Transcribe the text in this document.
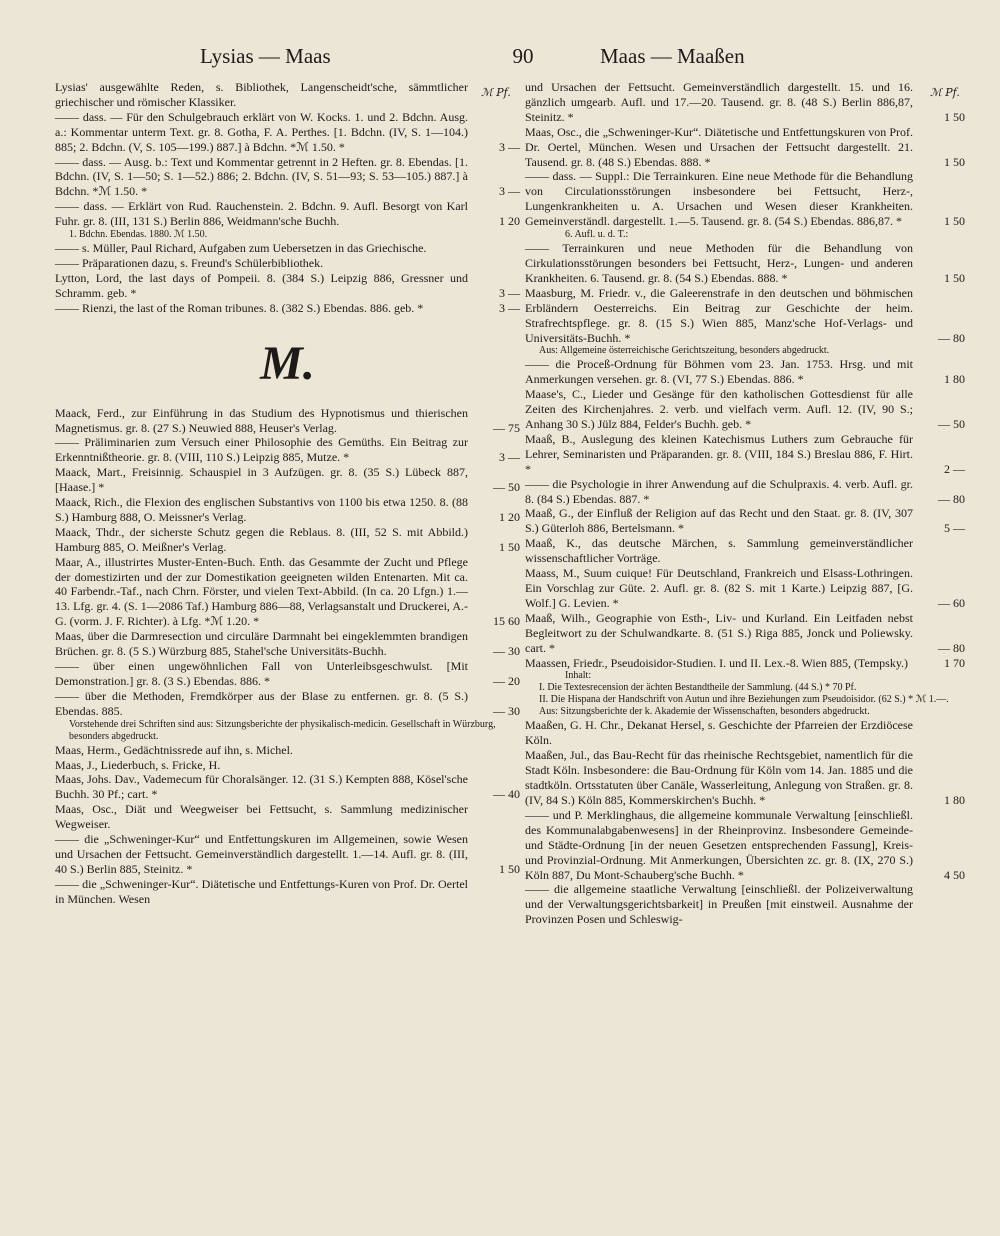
Lysias — Maas	90	Maas — Maaßen
ℳ Pf.	ℳ Pf.
Lysias' ausgewählte Reden, s. Bibliothek, Langenscheidt'sche, sämmtlicher griechischer und römischer Klassiker.
—— dass. — Für den Schulgebrauch erklärt von W. Kocks. 1. und 2. Bdchn. Ausg. a.: Kommentar unterm Text. gr. 8. Gotha, F. A. Perthes. [1. Bdchn. (IV, S. 1—104.) 885; 2. Bdchn. (V, S. 105—199.) 887.] à Bdchn. *ℳ 1.50. *	3 —
—— dass. — Ausg. b.: Text und Kommentar getrennt in 2 Heften. gr. 8. Ebendas. [1. Bdchn. (IV, S. 1—50; S. 1—52.) 886; 2. Bdchn. (IV, S. 51—93; S. 53—105.) 887.] à Bdchn. *ℳ 1.50. *	3 —
—— dass. — Erklärt von Rud. Rauchenstein. 2. Bdchn. 9. Aufl. Besorgt von Karl Fuhr. gr. 8. (III, 131 S.) Berlin 886, Weidmann'sche Buchh.	1 20
1. Bdchn. Ebendas. 1880. ℳ 1.50.
—— s. Müller, Paul Richard, Aufgaben zum Uebersetzen in das Griechische.
—— Präparationen dazu, s. Freund's Schülerbibliothek.
Lytton, Lord, the last days of Pompeii. 8. (384 S.) Leipzig 886, Gressner und Schramm. geb. *	3 —
—— Rienzi, the last of the Roman tribunes. 8. (382 S.) Ebendas. 886. geb. *	3 —
M.
Maack, Ferd., zur Einführung in das Studium des Hypnotismus und thierischen Magnetismus. gr. 8. (27 S.) Neuwied 888, Heuser's Verlag.	— 75
—— Präliminarien zum Versuch einer Philosophie des Gemüths. Ein Beitrag zur Erkenntnißtheorie. gr. 8. (VIII, 110 S.) Leipzig 885, Mutze. *	3 —
Maack, Mart., Freisinnig. Schauspiel in 3 Aufzügen. gr. 8. (35 S.) Lübeck 887, [Haase.] *	— 50
Maack, Rich., die Flexion des englischen Substantivs von 1100 bis etwa 1250. 8. (88 S.) Hamburg 888, O. Meissner's Verlag.	1 20
Maack, Thdr., der sicherste Schutz gegen die Reblaus. 8. (III, 52 S. mit Abbild.) Hamburg 885, O. Meißner's Verlag.	1 50
Maar, A., illustrirtes Muster-Enten-Buch. Enth. das Gesammte der Zucht und Pflege der domestizirten und der zur Domestikation geeigneten wilden Entenarten. Mit ca. 40 Farbendr.-Taf., nach Chrn. Förster, und vielen Text-Abbild. (In ca. 20 Lfgn.) 1.—13. Lfg. gr. 4. (S. 1—2086 Taf.) Hamburg 886—88, Verlagsanstalt und Druckerei, A.-G. (vorm. J. F. Richter). à Lfg. *ℳ 1.20. *	15 60
Maas, über die Darmresection und circuläre Darmnaht bei eingeklemmten brandigen Brüchen. gr. 8. (5 S.) Würzburg 885, Stahel'sche Universitäts-Buchh.	— 30
—— über einen ungewöhnlichen Fall von Unterleibsgeschwulst. [Mit Demonstration.] gr. 8. (3 S.) Ebendas. 886. *	— 20
—— über die Methoden, Fremdkörper aus der Blase zu entfernen. gr. 8. (5 S.) Ebendas. 885.	— 30
Vorstehende drei Schriften sind aus: Sitzungsberichte der physikalisch-medicin. Gesellschaft in Würzburg, besonders abgedruckt.
Maas, Herm., Gedächtnissrede auf ihn, s. Michel.
Maas, J., Liederbuch, s. Fricke, H.
Maas, Johs. Dav., Vademecum für Choralsänger. 12. (31 S.) Kempten 888, Kösel'sche Buchh. 30 Pf.; cart. *	— 40
Maas, Osc., Diät und Weegweiser bei Fettsucht, s. Sammlung medizinischer Wegweiser.
—— die „Schweninger-Kur“ und Entfettungskuren im Allgemeinen, sowie Wesen und Ursachen der Fettsucht. Gemeinverständlich dargestellt. 1.—14. Aufl. gr. 8. (III, 40 S.) Berlin 885, Steinitz. *	1 50
—— die „Schweninger-Kur“. Diätetische und Entfettungs-Kuren von Prof. Dr. Oertel in München. Wesen
und Ursachen der Fettsucht. Gemeinverständlich dargestellt. 15. und 16. gänzlich umgearb. Aufl. und 17.—20. Tausend. gr. 8. (48 S.) Berlin 886,87, Steinitz. *	1 50
Maas, Osc., die „Schweninger-Kur“. Diätetische und Entfettungskuren von Prof. Dr. Oertel, München. Wesen und Ursachen der Fettsucht dargestellt. 21. Tausend. gr. 8. (48 S.) Ebendas. 888. *	1 50
—— dass. — Suppl.: Die Terrainkuren. Eine neue Methode für die Behandlung von Circulationsstörungen insbesondere bei Fettsucht, Herz-, Lungenkrankheiten u. A. Ursachen und Wesen dieser Krankheiten. Gemeinverständl. dargestellt. 1.—5. Tausend. gr. 8. (54 S.) Ebendas. 886,87. *	1 50
6. Aufl. u. d. T.:
—— Terrainkuren und neue Methoden für die Behandlung von Cirkulationsstörungen besonders bei Fettsucht, Herz-, Lungen- und anderen Krankheiten. 6. Tausend. gr. 8. (54 S.) Ebendas. 888. *	1 50
Maasburg, M. Friedr. v., die Galeerenstrafe in den deutschen und böhmischen Erbländern Oesterreichs. Ein Beitrag zur Geschichte der heim. Strafrechtspflege. gr. 8. (15 S.) Wien 885, Manz'sche Hof-Verlags- und Universitäts-Buchh. *	— 80
Aus: Allgemeine österreichische Gerichtszeitung, besonders abgedruckt.
—— die Proceß-Ordnung für Böhmen vom 23. Jan. 1753. Hrsg. und mit Anmerkungen versehen. gr. 8. (VI, 77 S.) Ebendas. 886. *	1 80
Maase's, C., Lieder und Gesänge für den katholischen Gottesdienst für alle Zeiten des Kirchenjahres. 2. verb. und vielfach verm. Aufl. 12. (IV, 90 S.; Anhang 30 S.) Jülz 884, Felder's Buchh. geb. *	— 50
Maaß, B., Auslegung des kleinen Katechismus Luthers zum Gebrauche für Lehrer, Seminaristen und Präparanden. gr. 8. (VIII, 184 S.) Breslau 886, F. Hirt. *	2 —
—— die Psychologie in ihrer Anwendung auf die Schulpraxis. 4. verb. Aufl. gr. 8. (84 S.) Ebendas. 887. *	— 80
Maaß, G., der Einfluß der Religion auf das Recht und den Staat. gr. 8. (IV, 307 S.) Güterloh 886, Bertelsmann. *	5 —
Maaß, K., das deutsche Märchen, s. Sammlung gemeinverständlicher wissenschaftlicher Vorträge.
Maass, M., Suum cuique! Für Deutschland, Frankreich und Elsass-Lothringen. Ein Vorschlag zur Güte. 2. Aufl. gr. 8. (82 S. mit 1 Karte.) Leipzig 887, [G. Wolf.] G. Levien. *	— 60
Maaß, Wilh., Geographie von Esth-, Liv- und Kurland. Ein Leitfaden nebst Begleitwort zu der Schulwandkarte. 8. (51 S.) Riga 885, Jonck und Poliewsky. cart. *	— 80
Maassen, Friedr., Pseudoisidor-Studien. I. und II. Lex.-8. Wien 885, (Tempsky.)	1 70
Inhalt:
I. Die Textesrecension der ächten Bestandtheile der Sammlung. (44 S.) * 70 Pf.
II. Die Hispana der Handschrift von Autun und ihre Beziehungen zum Pseudoisidor. (62 S.) * ℳ 1.—.
Aus: Sitzungsberichte der k. Akademie der Wissenschaften, besonders abgedruckt.
Maaßen, G. H. Chr., Dekanat Hersel, s. Geschichte der Pfarreien der Erzdiöcese Köln.
Maaßen, Jul., das Bau-Recht für das rheinische Rechtsgebiet, namentlich für die Stadt Köln. Insbesondere: die Bau-Ordnung für Köln vom 14. Jan. 1885 und die stadtköln. Ortsstatuten über Canäle, Wasserleitung, Anlegung von Straßen. gr. 8. (IV, 84 S.) Köln 885, Kommerskirchen's Buchh. *	1 80
—— und P. Merklinghaus, die allgemeine kommunale Verwaltung [einschließl. des Kommunalabgabenwesens] in der Rheinprovinz. Insbesondere Gemeinde- und Städte-Ordnung [in der neuen Gesetzen entsprechenden Fassung], Kreis- und Provinzial-Ordnung. Mit Anmerkungen, Übersichten zc. gr. 8. (IX, 270 S.) Köln 887, Du Mont-Schauberg'sche Buchh. *	4 50
—— die allgemeine staatliche Verwaltung [einschließl. der Polizeiverwaltung und der Verwaltungsgerichtsbarkeit] in Preußen [mit einstweil. Ausnahme der Provinzen Posen und Schleswig-
